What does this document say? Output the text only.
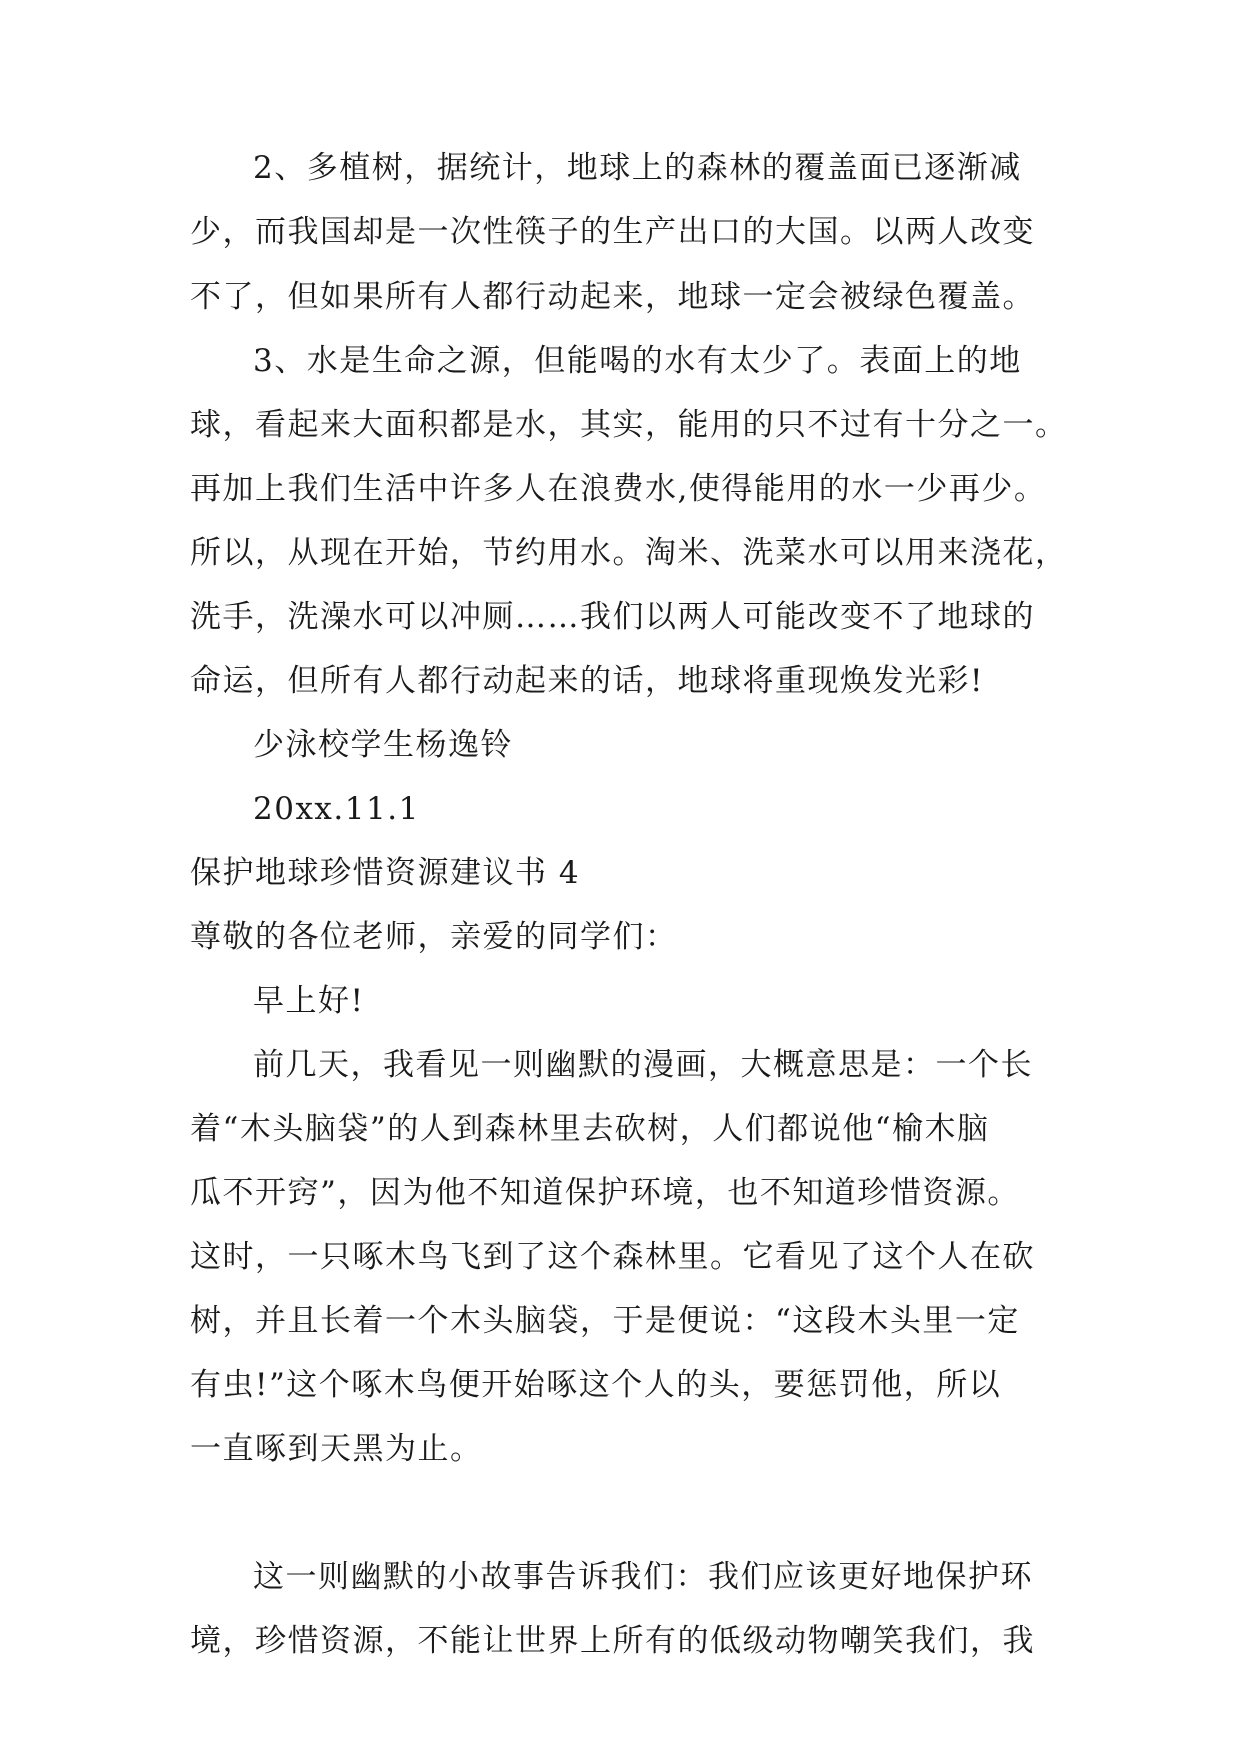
2、多植树，据统计，地球上的森林的覆盖面已逐渐减
少，而我国却是一次性筷子的生产出口的大国。以两人改变
不了，但如果所有人都行动起来，地球一定会被绿色覆盖。
3、水是生命之源，但能喝的水有太少了。表面上的地
球，看起来大面积都是水，其实，能用的只不过有十分之一。
再加上我们生活中许多人在浪费水,使得能用的水一少再少。
所以，从现在开始，节约用水。淘米、洗菜水可以用来浇花，
洗手，洗澡水可以冲厕……我们以两人可能改变不了地球的
命运，但所有人都行动起来的话，地球将重现焕发光彩!
少泳校学生杨逸铃
20xx.11.1
保护地球珍惜资源建议书 4
尊敬的各位老师，亲爱的同学们：
早上好!
前几天，我看见一则幽默的漫画，大概意思是：一个长
着“木头脑袋”的人到森林里去砍树，人们都说他“榆木脑
瓜不开窍”，因为他不知道保护环境，也不知道珍惜资源。
这时，一只啄木鸟飞到了这个森林里。它看见了这个人在砍
树，并且长着一个木头脑袋，于是便说：“这段木头里一定
有虫!”这个啄木鸟便开始啄这个人的头，要惩罚他，所以
一直啄到天黑为止。
这一则幽默的小故事告诉我们：我们应该更好地保护环
境，珍惜资源，不能让世界上所有的低级动物嘲笑我们，我
